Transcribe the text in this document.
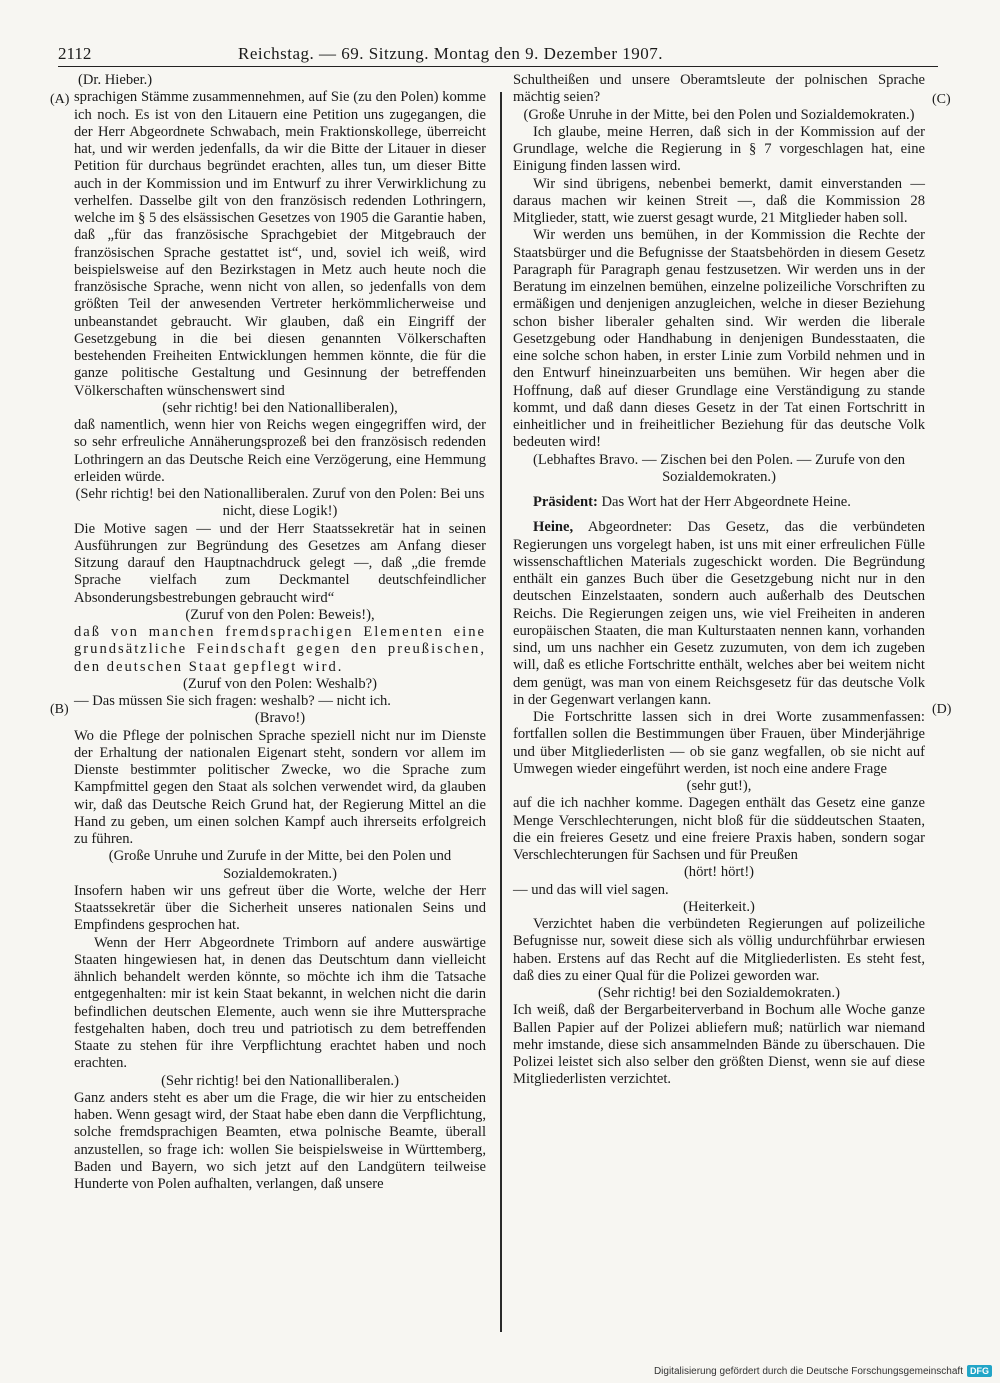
2112	Reichstag. — 69. Sitzung. Montag den 9. Dezember 1907.
(A)
(B)
(C)
(D)

(Dr. Hieber.)

sprachigen Stämme zusammennehmen, auf Sie (zu den Polen) komme ich noch. Es ist von den Litauern eine Petition uns zugegangen, die der Herr Abgeordnete Schwabach, mein Fraktionskollege, überreicht hat, und wir werden jedenfalls, da wir die Bitte der Litauer in dieser Petition für durchaus begründet erachten, alles tun, um dieser Bitte auch in der Kommission und im Entwurf zu ihrer Verwirklichung zu verhelfen. Dasselbe gilt von den französisch redenden Lothringern, welche im § 5 des elsässischen Gesetzes von 1905 die Garantie haben, daß „für das französische Sprachgebiet der Mitgebrauch der französischen Sprache gestattet ist“, und, soviel ich weiß, wird beispielsweise auf den Bezirkstagen in Metz auch heute noch die französische Sprache, wenn nicht von allen, so jedenfalls von dem größten Teil der anwesenden Vertreter herkömmlicherweise und unbeanstandet gebraucht. Wir glauben, daß ein Eingriff der Gesetzgebung in die bei diesen genannten Völkerschaften bestehenden Freiheiten Entwicklungen hemmen könnte, die für die ganze politische Gestaltung und Gesinnung der betreffenden Völkerschaften wünschenswert sind

(sehr richtig! bei den Nationalliberalen),

daß namentlich, wenn hier von Reichs wegen eingegriffen wird, der so sehr erfreuliche Annäherungsprozeß bei den französisch redenden Lothringern an das Deutsche Reich eine Verzögerung, eine Hemmung erleiden würde.

(Sehr richtig! bei den Nationalliberalen. Zuruf von den Polen: Bei uns nicht, diese Logik!)

Die Motive sagen — und der Herr Staatssekretär hat in seinen Ausführungen zur Begründung des Gesetzes am Anfang dieser Sitzung darauf den Hauptnachdruck gelegt —, daß „die fremde Sprache vielfach zum Deckmantel deutschfeindlicher Absonderungsbestrebungen gebraucht wird“

(Zuruf von den Polen: Beweis!),

daß von manchen fremdsprachigen Elementen eine grundsätzliche Feindschaft gegen den preußischen, den deutschen Staat gepflegt wird.

(Zuruf von den Polen: Weshalb?)

— Das müssen Sie sich fragen: weshalb? — nicht ich.

(Bravo!)

Wo die Pflege der polnischen Sprache speziell nicht nur im Dienste der Erhaltung der nationalen Eigenart steht, sondern vor allem im Dienste bestimmter politischer Zwecke, wo die Sprache zum Kampfmittel gegen den Staat als solchen verwendet wird, da glauben wir, daß das Deutsche Reich Grund hat, der Regierung Mittel an die Hand zu geben, um einen solchen Kampf auch ihrerseits erfolgreich zu führen.

(Große Unruhe und Zurufe in der Mitte, bei den Polen und Sozialdemokraten.)

Insofern haben wir uns gefreut über die Worte, welche der Herr Staatssekretär über die Sicherheit unseres nationalen Seins und Empfindens gesprochen hat.

Wenn der Herr Abgeordnete Trimborn auf andere auswärtige Staaten hingewiesen hat, in denen das Deutschtum dann vielleicht ähnlich behandelt werden könnte, so möchte ich ihm die Tatsache entgegenhalten: mir ist kein Staat bekannt, in welchen nicht die darin befindlichen deutschen Elemente, auch wenn sie ihre Muttersprache festgehalten haben, doch treu und patriotisch zu dem betreffenden Staate zu stehen für ihre Verpflichtung erachtet haben und noch erachten.

(Sehr richtig! bei den Nationalliberalen.)

Ganz anders steht es aber um die Frage, die wir hier zu entscheiden haben. Wenn gesagt wird, der Staat habe eben dann die Verpflichtung, solche fremdsprachigen Beamten, etwa polnische Beamte, überall anzustellen, so frage ich: wollen Sie beispielsweise in Württemberg, Baden und Bayern, wo sich jetzt auf den Landgütern teilweise Hunderte von Polen aufhalten, verlangen, daß unsere

Schultheißen und unsere Oberamtsleute der polnischen Sprache mächtig seien?

(Große Unruhe in der Mitte, bei den Polen und Sozialdemokraten.)

Ich glaube, meine Herren, daß sich in der Kommission auf der Grundlage, welche die Regierung in § 7 vorgeschlagen hat, eine Einigung finden lassen wird.

Wir sind übrigens, nebenbei bemerkt, damit einverstanden — daraus machen wir keinen Streit —, daß die Kommission 28 Mitglieder, statt, wie zuerst gesagt wurde, 21 Mitglieder haben soll.

Wir werden uns bemühen, in der Kommission die Rechte der Staatsbürger und die Befugnisse der Staatsbehörden in diesem Gesetz Paragraph für Paragraph genau festzusetzen. Wir werden uns in der Beratung im einzelnen bemühen, einzelne polizeiliche Vorschriften zu ermäßigen und denjenigen anzugleichen, welche in dieser Beziehung schon bisher liberaler gehalten sind. Wir werden die liberale Gesetzgebung oder Handhabung in denjenigen Bundesstaaten, die eine solche schon haben, in erster Linie zum Vorbild nehmen und in den Entwurf hineinzuarbeiten uns bemühen. Wir hegen aber die Hoffnung, daß auf dieser Grundlage eine Verständigung zu stande kommt, und daß dann dieses Gesetz in der Tat einen Fortschritt in einheitlicher und in freiheitlicher Beziehung für das deutsche Volk bedeuten wird!

(Lebhaftes Bravo. — Zischen bei den Polen. — Zurufe von den Sozialdemokraten.)

Präsident: Das Wort hat der Herr Abgeordnete Heine.

Heine, Abgeordneter: Das Gesetz, das die verbündeten Regierungen uns vorgelegt haben, ist uns mit einer erfreulichen Fülle wissenschaftlichen Materials zugeschickt worden. Die Begründung enthält ein ganzes Buch über die Gesetzgebung nicht nur in den deutschen Einzelstaaten, sondern auch außerhalb des Deutschen Reichs. Die Regierungen zeigen uns, wie viel Freiheiten in anderen europäischen Staaten, die man Kulturstaaten nennen kann, vorhanden sind, um uns nachher ein Gesetz zuzumuten, von dem ich zugeben will, daß es etliche Fortschritte enthält, welches aber bei weitem nicht dem genügt, was man von einem Reichsgesetz für das deutsche Volk in der Gegenwart verlangen kann.

Die Fortschritte lassen sich in drei Worte zusammenfassen: fortfallen sollen die Bestimmungen über Frauen, über Minderjährige und über Mitgliederlisten — ob sie ganz wegfallen, ob sie nicht auf Umwegen wieder eingeführt werden, ist noch eine andere Frage

(sehr gut!),

auf die ich nachher komme. Dagegen enthält das Gesetz eine ganze Menge Verschlechterungen, nicht bloß für die süddeutschen Staaten, die ein freieres Gesetz und eine freiere Praxis haben, sondern sogar Verschlechterungen für Sachsen und für Preußen

(hört! hört!)

— und das will viel sagen.

(Heiterkeit.)

Verzichtet haben die verbündeten Regierungen auf polizeiliche Befugnisse nur, soweit diese sich als völlig undurchführbar erwiesen haben. Erstens auf das Recht auf die Mitgliederlisten. Es steht fest, daß dies zu einer Qual für die Polizei geworden war.

(Sehr richtig! bei den Sozialdemokraten.)

Ich weiß, daß der Bergarbeiterverband in Bochum alle Woche ganze Ballen Papier auf der Polizei abliefern muß; natürlich war niemand mehr imstande, diese sich ansammelnden Bände zu überschauen. Die Polizei leistet sich also selber den größten Dienst, wenn sie auf diese Mitgliederlisten verzichtet.

Digitalisierung gefördert durch die Deutsche Forschungsgemeinschaft DFG
